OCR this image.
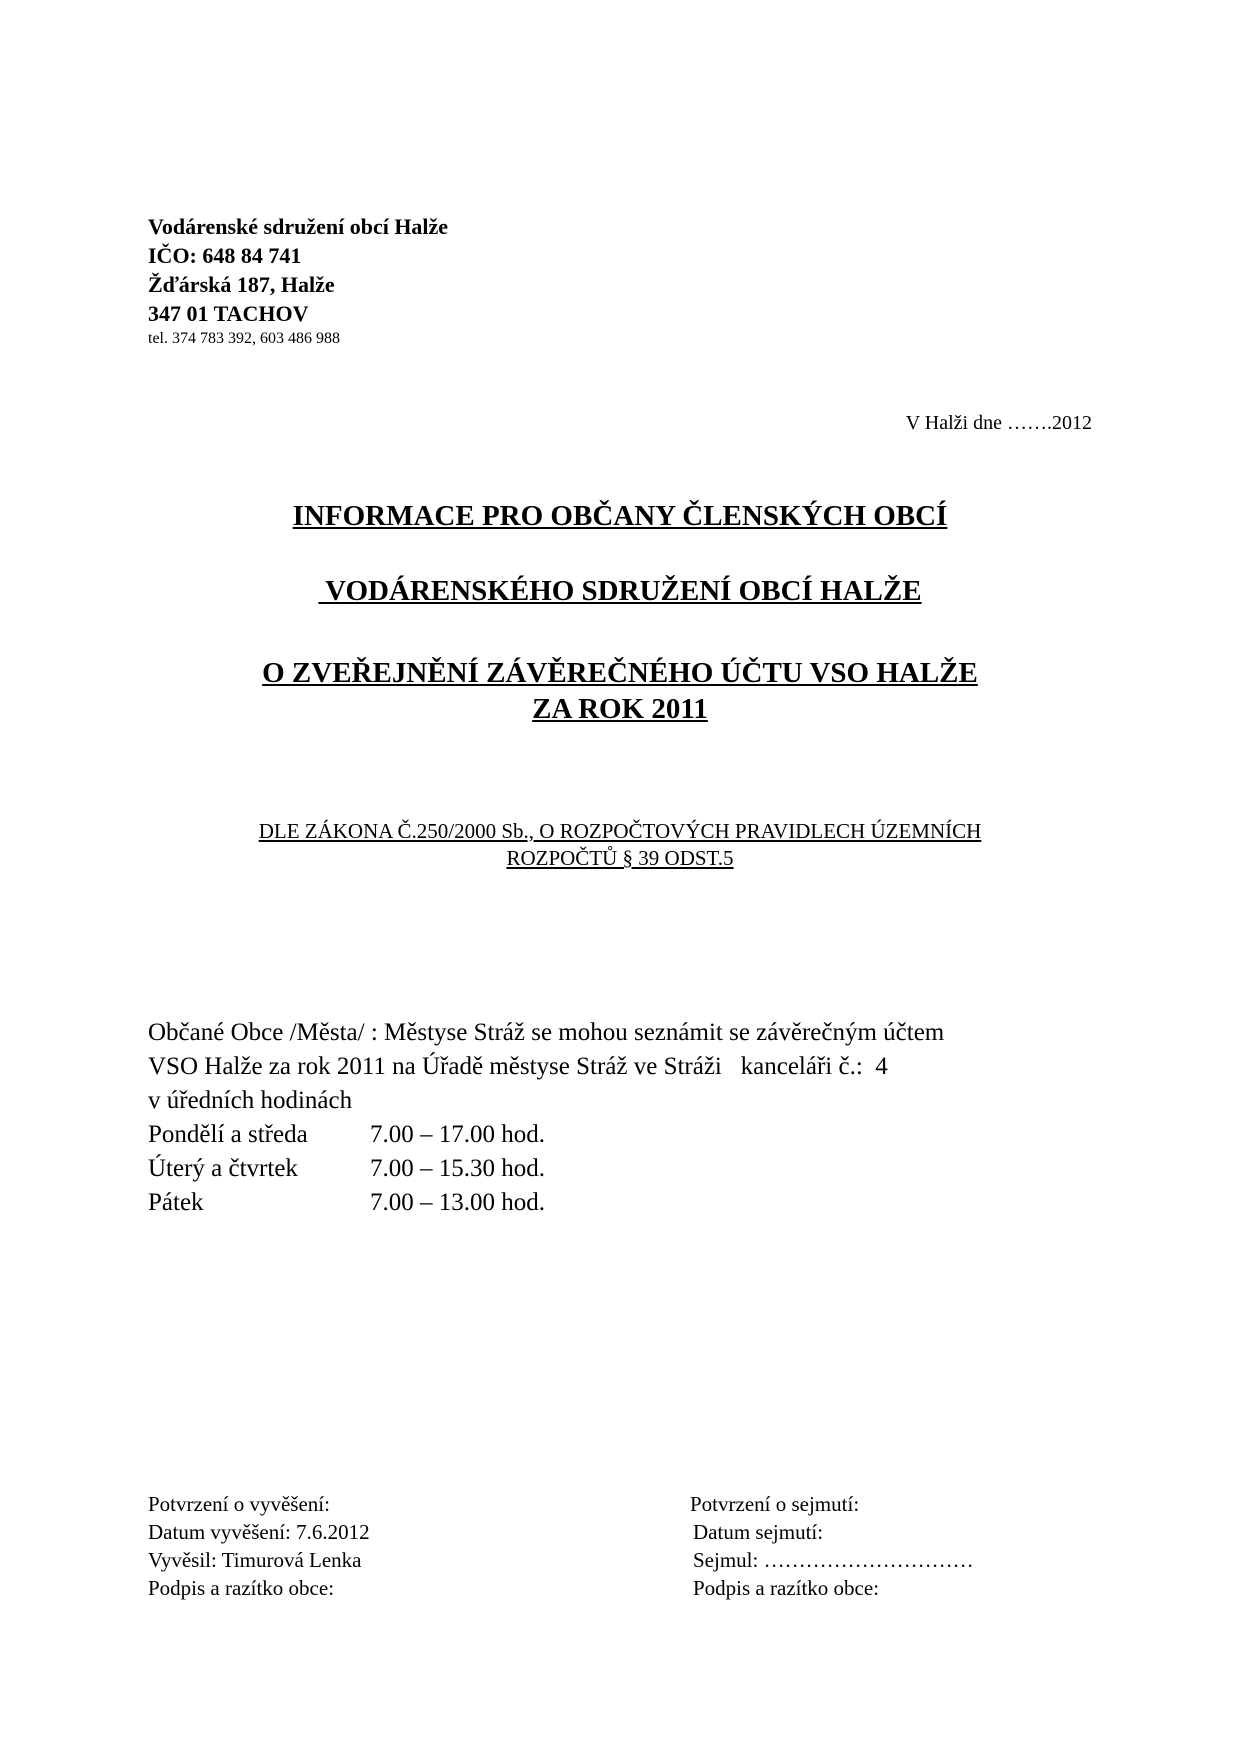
Vodárenské sdružení obcí Halže
IČO: 648 84 741
Žďárská 187, Halže
347 01 TACHOV
tel. 374 783 392, 603 486 988
V Halži dne …….2012
INFORMACE PRO OBČANY ČLENSKÝCH OBCÍ
VODÁRENSKÉHO SDRUŽENÍ OBCÍ HALŽE
O ZVEŘEJNĚNÍ ZÁVĚREČNÉHO ÚČTU VSO HALŽE
ZA ROK 2011
DLE ZÁKONA Č.250/2000 Sb., O ROZPOČTOVÝCH PRAVIDLECH ÚZEMNÍCH
ROZPOČTŮ § 39 ODST.5
Občané Obce /Města/ : Městyse Stráž se mohou seznámit se závěrečným účtem
VSO Halže za rok 2011 na Úřadě městyse Stráž ve Stráži   kanceláři č.:  4
v úředních hodinách
Pondělí a středa	7.00 – 17.00 hod.
Úterý a čtvrtek	7.00 – 15.30 hod.
Pátek	7.00 – 13.00 hod.
Potvrzení o vyvěšení:
Datum vyvěšení: 7.6.2012
Vyvěsil: Timurová Lenka
Podpis a razítko obce:
Potvrzení o sejmutí:
Datum sejmutí:
Sejmul: …………………………
Podpis a razítko obce:
